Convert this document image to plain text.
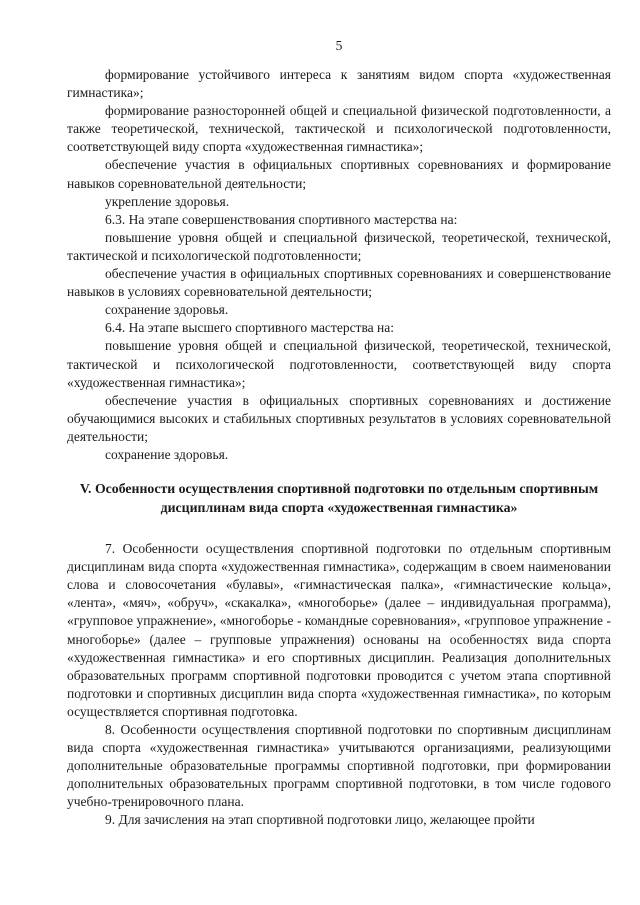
5

формирование устойчивого интереса к занятиям видом спорта «художественная гимнастика»;

формирование разносторонней общей и специальной физической подготовленности, а также теоретической, технической, тактической и психологической подготовленности, соответствующей виду спорта «художественная гимнастика»;

обеспечение участия в официальных спортивных соревнованиях и формирование навыков соревновательной деятельности;

укрепление здоровья.

6.3. На этапе совершенствования спортивного мастерства на:

повышение уровня общей и специальной физической, теоретической, технической, тактической и психологической подготовленности;

обеспечение участия в официальных спортивных соревнованиях и совершенствование навыков в условиях соревновательной деятельности;

сохранение здоровья.

6.4. На этапе высшего спортивного мастерства на:

повышение уровня общей и специальной физической, теоретической, технической, тактической и психологической подготовленности, соответствующей виду спорта «художественная гимнастика»;

обеспечение участия в официальных спортивных соревнованиях и достижение обучающимися высоких и стабильных спортивных результатов в условиях соревновательной деятельности;

сохранение здоровья.

V. Особенности осуществления спортивной подготовки по отдельным спортивным дисциплинам вида спорта «художественная гимнастика»

7. Особенности осуществления спортивной подготовки по отдельным спортивным дисциплинам вида спорта «художественная гимнастика», содержащим в своем наименовании слова и словосочетания «булавы», «гимнастическая палка», «гимнастические кольца», «лента», «мяч», «обруч», «скакалка», «многоборье» (далее – индивидуальная программа), «групповое упражнение», «многоборье - командные соревнования», «групповое упражнение - многоборье» (далее – групповые упражнения) основаны на особенностях вида спорта «художественная гимнастика» и его спортивных дисциплин. Реализация дополнительных образовательных программ спортивной подготовки проводится с учетом этапа спортивной подготовки и спортивных дисциплин вида спорта «художественная гимнастика», по которым осуществляется спортивная подготовка.

8. Особенности осуществления спортивной подготовки по спортивным дисциплинам вида спорта «художественная гимнастика» учитываются организациями, реализующими дополнительные образовательные программы спортивной подготовки, при формировании дополнительных образовательных программ спортивной подготовки, в том числе годового учебно-тренировочного плана.

9. Для зачисления на этап спортивной подготовки лицо, желающее пройти
